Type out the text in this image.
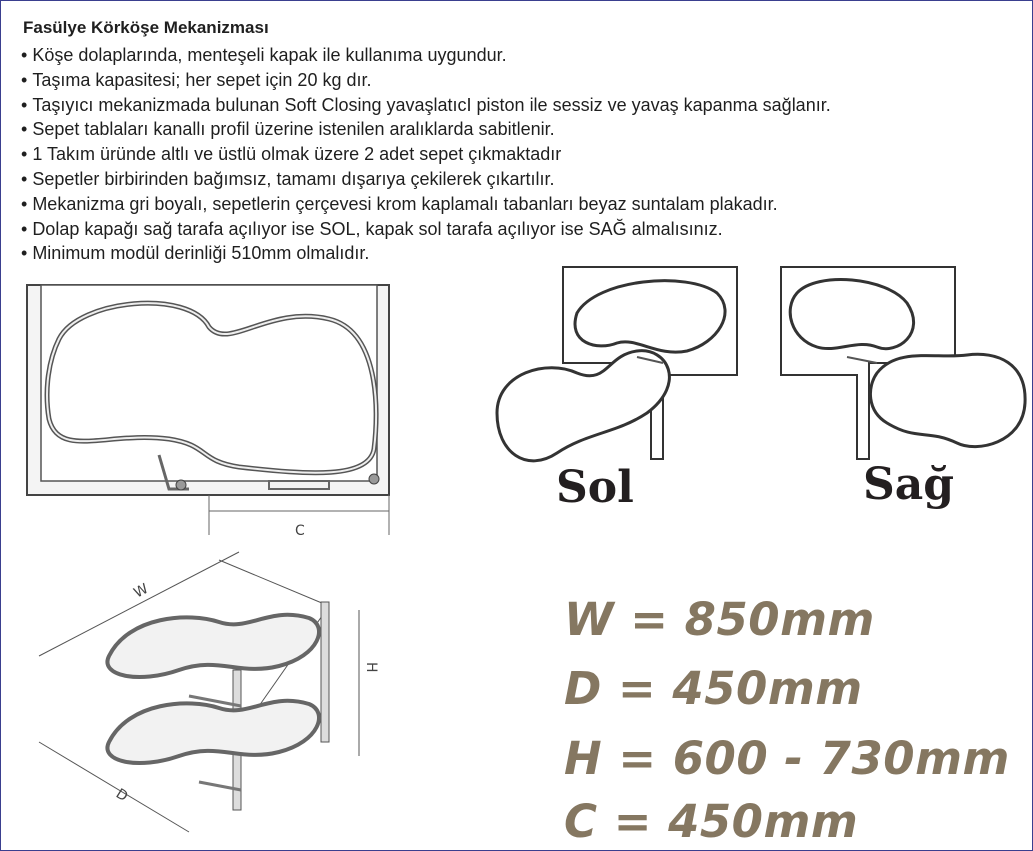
Fasülye Körköşe Mekanizması
• Köşe dolaplarında, menteşeli kapak ile kullanıma uygundur.
• Taşıma kapasitesi; her sepet için 20 kg dır.
• Taşıyıcı mekanizmada bulunan Soft Closing yavaşlatıcI piston ile sessiz ve yavaş kapanma sağlanır.
• Sepet tablaları kanallı profil üzerine istenilen aralıklarda sabitlenir.
• 1 Takım üründe altlı ve üstlü olmak üzere 2 adet sepet çıkmaktadır
• Sepetler birbirinden bağımsız, tamamı dışarıya çekilerek çıkartılır.
• Mekanizma gri boyalı, sepetlerin çerçevesi krom kaplamalı tabanları beyaz suntalam plakadır.
• Dolap kapağı sağ tarafa açılıyor ise SOL, kapak sol tarafa açılıyor ise SAĞ almalısınız.
• Minimum modül derinliği 510mm olmalıdır.
C
Sol	Sağ
W
H
D
W = 850mm
D = 450mm
H = 600 - 730mm
C = 450mm
